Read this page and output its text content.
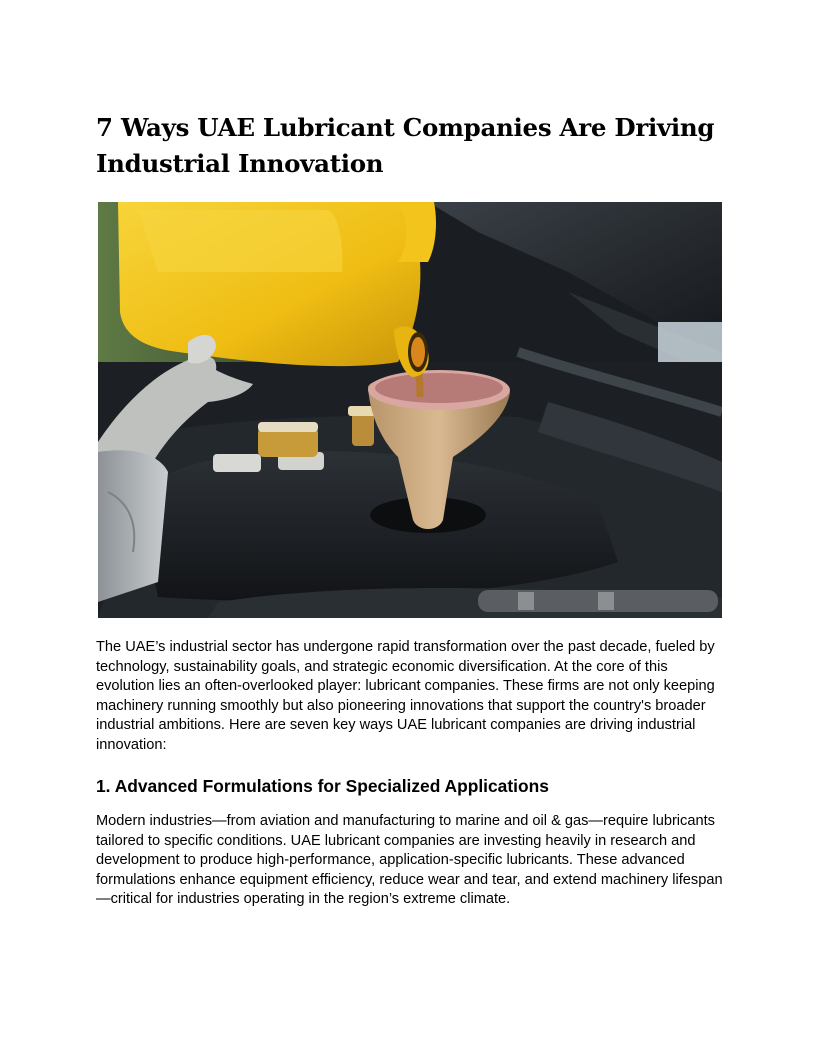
7 Ways UAE Lubricant Companies Are Driving Industrial Innovation

The UAE’s industrial sector has undergone rapid transformation over the past decade, fueled by technology, sustainability goals, and strategic economic diversification. At the core of this evolution lies an often-overlooked player: lubricant companies. These firms are not only keeping machinery running smoothly but also pioneering innovations that support the country's broader industrial ambitions. Here are seven key ways UAE lubricant companies are driving industrial innovation:

1. Advanced Formulations for Specialized Applications

Modern industries—from aviation and manufacturing to marine and oil & gas—require lubricants tailored to specific conditions. UAE lubricant companies are investing heavily in research and development to produce high-performance, application-specific lubricants. These advanced formulations enhance equipment efficiency, reduce wear and tear, and extend machinery lifespan—critical for industries operating in the region’s extreme climate.
